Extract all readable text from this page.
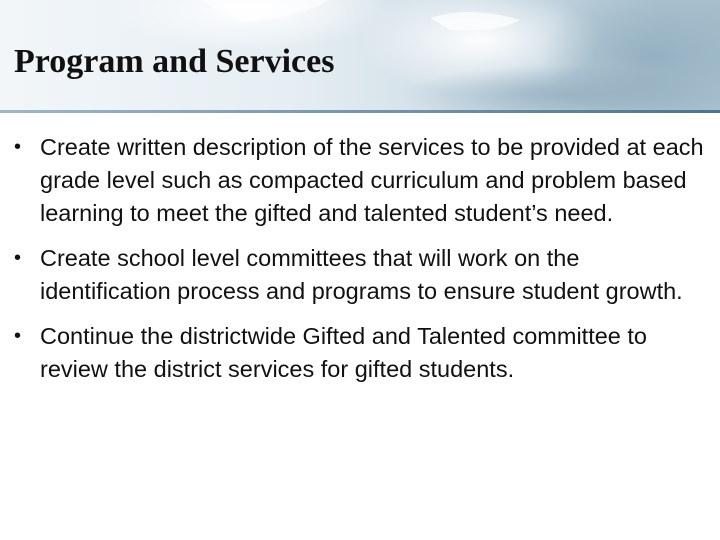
Program and Services
• Create written description of the services to be provided at each grade level such as compacted curriculum and problem based learning to meet the gifted and talented student’s need.
• Create school level committees that will work on the identification process and programs to ensure student growth.
• Continue the districtwide Gifted and Talented committee to review the district services for gifted students.
